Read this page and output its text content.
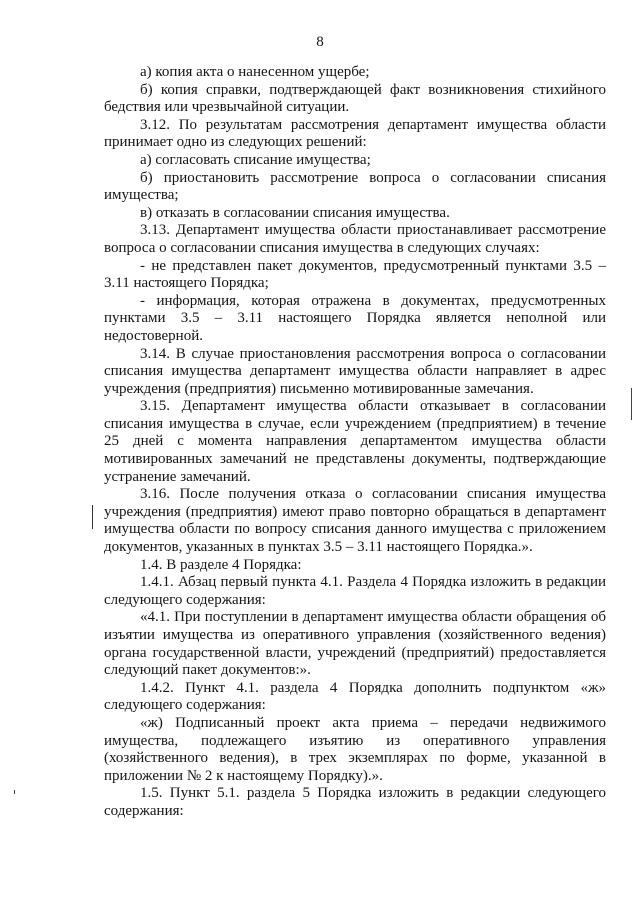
8

а) копия акта о нанесенном ущербе;

б) копия справки, подтверждающей факт возникновения стихийного бедствия или чрезвычайной ситуации.

3.12. По результатам рассмотрения департамент имущества области принимает одно из следующих решений:

а) согласовать списание имущества;

б) приостановить рассмотрение вопроса о согласовании списания имущества;

в) отказать в согласовании списания имущества.

3.13. Департамент имущества области приостанавливает рассмотрение вопроса о согласовании списания имущества в следующих случаях:

- не представлен пакет документов, предусмотренный пунктами 3.5 – 3.11 настоящего Порядка;

- информация, которая отражена в документах, предусмотренных пунктами 3.5 – 3.11 настоящего Порядка является неполной или недостоверной.

3.14. В случае приостановления рассмотрения вопроса о согласовании списания имущества департамент имущества области направляет в адрес учреждения (предприятия) письменно мотивированные замечания.

3.15. Департамент имущества области отказывает в согласовании списания имущества в случае, если учреждением (предприятием) в течение 25 дней с момента направления департаментом имущества области мотивированных замечаний не представлены документы, подтверждающие устранение замечаний.

3.16. После получения отказа о согласовании списания имущества учреждения (предприятия) имеют право повторно обращаться в департамент имущества области по вопросу списания данного имущества с приложением документов, указанных в пунктах 3.5 – 3.11 настоящего Порядка.».

1.4. В разделе 4 Порядка:

1.4.1. Абзац первый пункта 4.1. Раздела 4 Порядка изложить в редакции следующего содержания:

«4.1. При поступлении в департамент имущества области обращения об изъятии имущества из оперативного управления (хозяйственного ведения) органа государственной власти, учреждений (предприятий) предоставляется следующий пакет документов:».

1.4.2. Пункт 4.1. раздела 4 Порядка дополнить подпунктом «ж» следующего содержания:

«ж) Подписанный проект акта приема – передачи недвижимого имущества, подлежащего изъятию из оперативного управления (хозяйственного ведения), в трех экземплярах по форме, указанной в приложении № 2 к настоящему Порядку).».

1.5. Пункт 5.1. раздела 5 Порядка изложить в редакции следующего содержания:
